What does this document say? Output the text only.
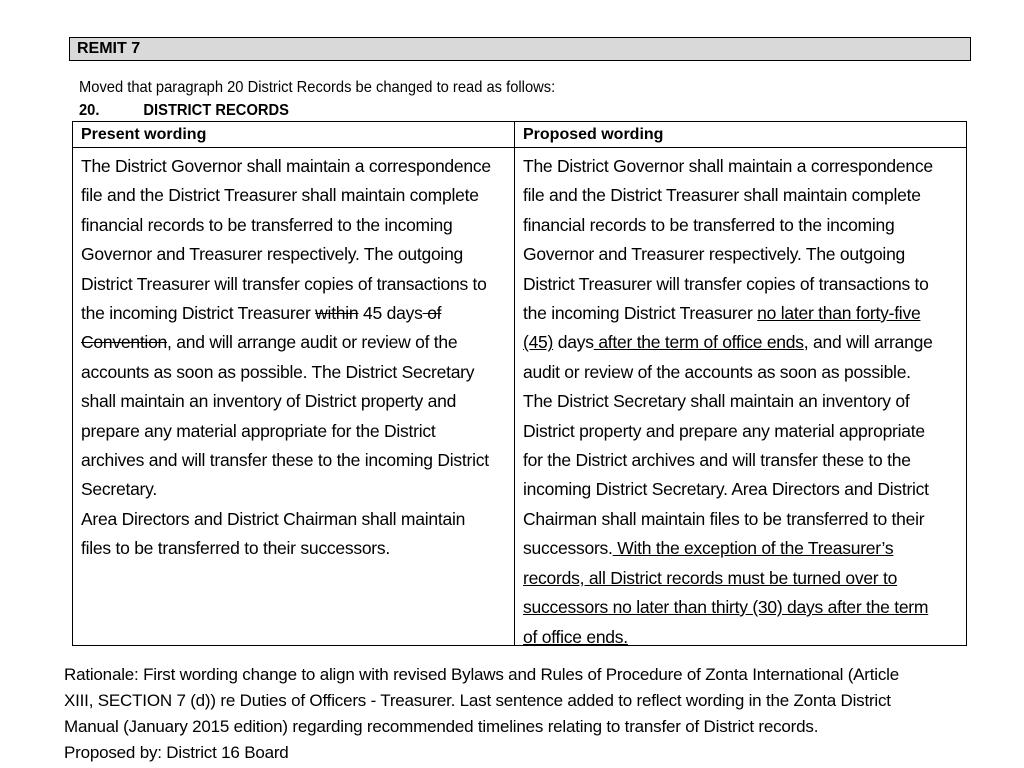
REMIT 7
Moved that paragraph 20 District Records be changed to read as follows:
20.	DISTRICT RECORDS
Present wording
The District Governor shall maintain a correspondence
file and the District Treasurer shall maintain complete
financial records to be transferred to the incoming
Governor and Treasurer respectively. The outgoing
District Treasurer will transfer copies of transactions to
the incoming District Treasurer within 45 days of
Convention, and will arrange audit or review of the
accounts as soon as possible. The District Secretary
shall maintain an inventory of District property and
prepare any material appropriate for the District
archives and will transfer these to the incoming District
Secretary.
Area Directors and District Chairman shall maintain
files to be transferred to their successors.
Proposed wording
The District Governor shall maintain a correspondence
file and the District Treasurer shall maintain complete
financial records to be transferred to the incoming
Governor and Treasurer respectively. The outgoing
District Treasurer will transfer copies of transactions to
the incoming District Treasurer no later than forty-five
(45) days after the term of office ends, and will arrange
audit or review of the accounts as soon as possible.
The District Secretary shall maintain an inventory of
District property and prepare any material appropriate
for the District archives and will transfer these to the
incoming District Secretary. Area Directors and District
Chairman shall maintain files to be transferred to their
successors. With the exception of the Treasurer’s
records, all District records must be turned over to
successors no later than thirty (30) days after the term
of office ends.
Rationale: First wording change to align with revised Bylaws and Rules of Procedure of Zonta International (Article
XIII, SECTION 7 (d)) re Duties of Officers - Treasurer. Last sentence added to reflect wording in the Zonta District
Manual (January 2015 edition) regarding recommended timelines relating to transfer of District records.
Proposed by: District 16 Board
